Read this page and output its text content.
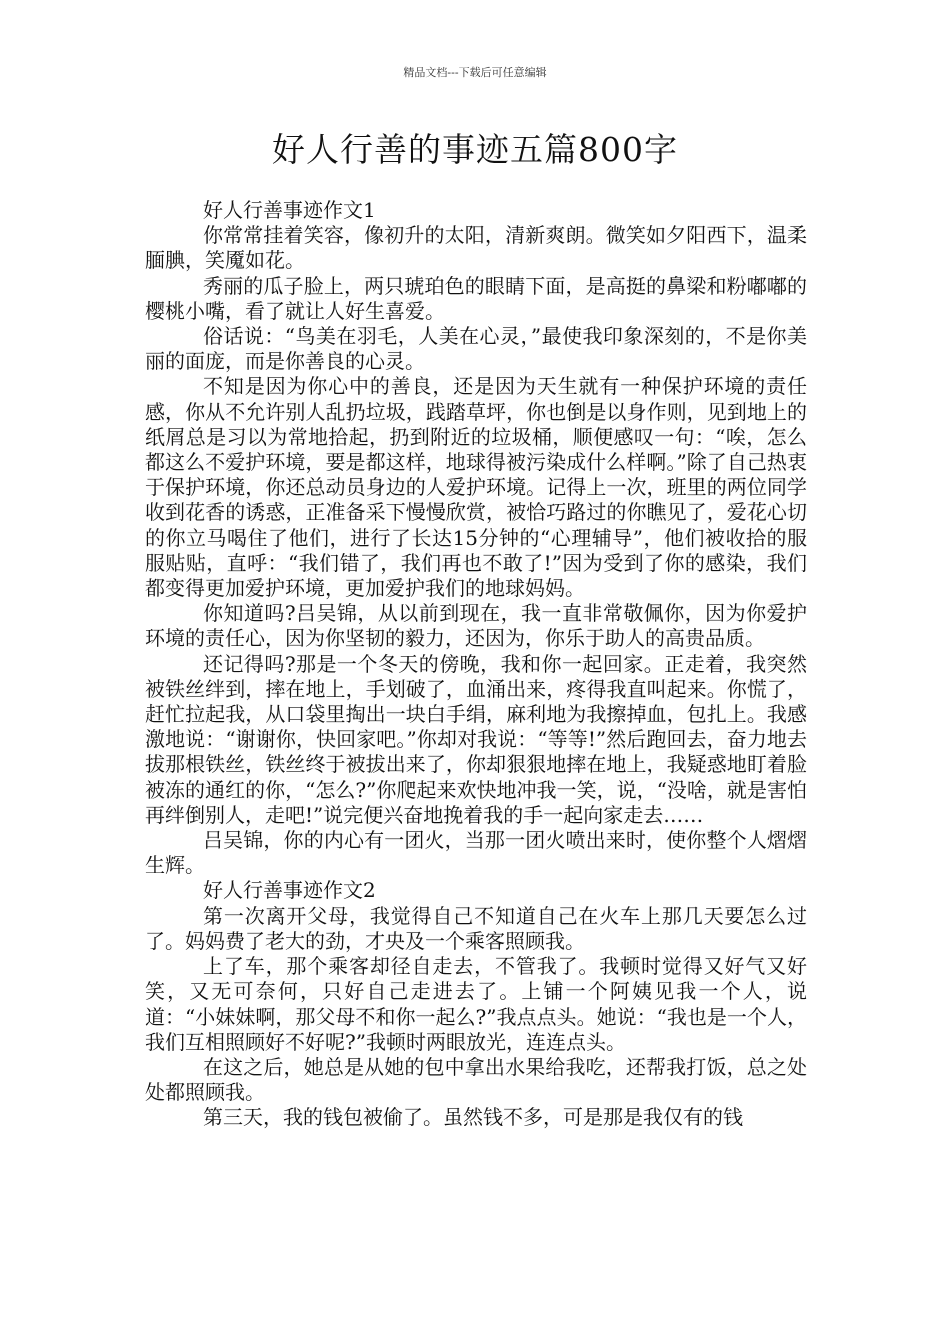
精品文档---下载后可任意编辑
好人行善的事迹五篇800字

好人行善事迹作文1

你常常挂着笑容，像初升的太阳，清新爽朗。微笑如夕阳西下，温柔腼腆，笑魇如花。

秀丽的瓜子脸上，两只琥珀色的眼睛下面，是高挺的鼻梁和粉嘟嘟的樱桃小嘴，看了就让人好生喜爱。

俗话说：“鸟美在羽毛，人美在心灵，”最使我印象深刻的，不是你美丽的面庞，而是你善良的心灵。

不知是因为你心中的善良，还是因为天生就有一种保护环境的责任感，你从不允许别人乱扔垃圾，践踏草坪，你也倒是以身作则，见到地上的纸屑总是习以为常地拾起，扔到附近的垃圾桶，顺便感叹一句：“唉，怎么都这么不爱护环境，要是都这样，地球得被污染成什么样啊。”除了自己热衷于保护环境，你还总动员身边的人爱护环境。记得上一次，班里的两位同学收到花香的诱惑，正准备采下慢慢欣赏，被恰巧路过的你瞧见了，爱花心切的你立马喝住了他们，进行了长达15分钟的“心理辅导”，他们被收拾的服服贴贴，直呼：“我们错了，我们再也不敢了!”因为受到了你的感染，我们都变得更加爱护环境，更加爱护我们的地球妈妈。

你知道吗?吕吴锦，从以前到现在，我一直非常敬佩你，因为你爱护环境的责任心，因为你坚韧的毅力，还因为，你乐于助人的高贵品质。

还记得吗?那是一个冬天的傍晚，我和你一起回家。正走着，我突然被铁丝绊到，摔在地上，手划破了，血涌出来，疼得我直叫起来。你慌了，赶忙拉起我，从口袋里掏出一块白手绢，麻利地为我擦掉血，包扎上。我感激地说：“谢谢你，快回家吧。”你却对我说：“等等!”然后跑回去，奋力地去拔那根铁丝，铁丝终于被拔出来了，你却狠狠地摔在地上，我疑惑地盯着脸被冻的通红的你，“怎么?”你爬起来欢快地冲我一笑，说，“没啥，就是害怕再绊倒别人，走吧!”说完便兴奋地挽着我的手一起向家走去……

吕吴锦，你的内心有一团火，当那一团火喷出来时，使你整个人熠熠生辉。

好人行善事迹作文2

第一次离开父母，我觉得自己不知道自己在火车上那几天要怎么过了。妈妈费了老大的劲，才央及一个乘客照顾我。

上了车，那个乘客却径自走去，不管我了。我顿时觉得又好气又好笑，又无可奈何，只好自己走进去了。上铺一个阿姨见我一个人，说道：“小妹妹啊，那父母不和你一起么?”我点点头。她说：“我也是一个人，我们互相照顾好不好呢?”我顿时两眼放光，连连点头。

在这之后，她总是从她的包中拿出水果给我吃，还帮我打饭，总之处处都照顾我。

第三天，我的钱包被偷了。虽然钱不多，可是那是我仅有的钱
